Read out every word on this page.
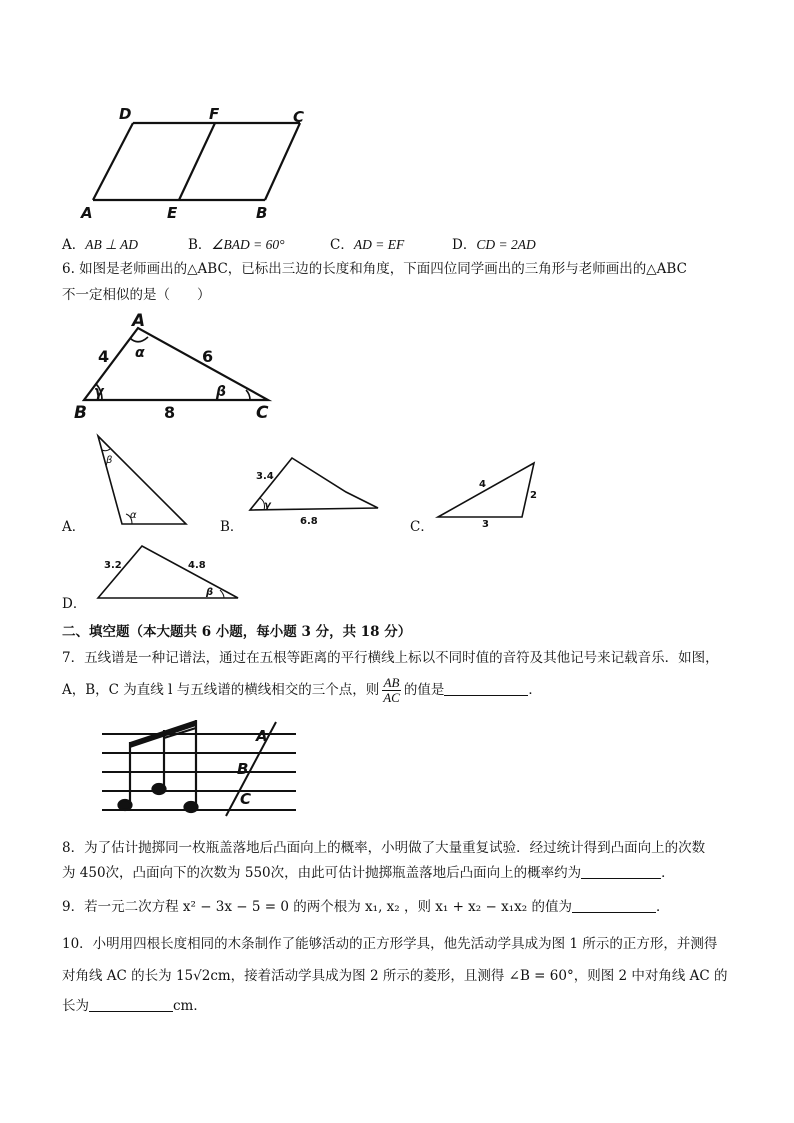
D	F	C
A	E	B
A．AB ⊥ AD	B．∠BAD = 60°	C．AD = EF	D．CD = 2AD
6. 如图是老师画出的△ABC，已标出三边的长度和角度，下面四位同学画出的三角形与老师画出的△ABC
不一定相似的是（　　）
A
B	C
4	6
8
α
γ	β
A．
β
α
B．
3.4
6.8
γ
C．
4
2
3
D．
3.2	4.8
β
二、填空题（本大题共 6 小题，每小题 3 分，共 18 分）
7．五线谱是一种记谱法，通过在五根等距离的平行横线上标以不同时值的音符及其他记号来记载音乐．如图，
A，B，C 为直线 l 与五线谱的横线相交的三个点，则 $\frac{AB}{AC}$ 的值是	．
A
B
C
8．为了估计抛掷同一枚瓶盖落地后凸面向上的概率，小明做了大量重复试验．经过统计得到凸面向上的次数
为 450次，凸面向下的次数为 550次，由此可估计抛掷瓶盖落地后凸面向上的概率约为	．
9．若一元二次方程 x² − 3x − 5 = 0 的两个根为 x₁, x₂ ，则 x₁ + x₂ − x₁x₂ 的值为	．
10．小明用四根长度相同的木条制作了能够活动的正方形学具，他先活动学具成为图 1 所示的正方形，并测得
对角线 AC 的长为 15√2cm，接着活动学具成为图 2 所示的菱形，且测得 ∠B = 60°，则图 2 中对角线 AC 的
长为	cm．
